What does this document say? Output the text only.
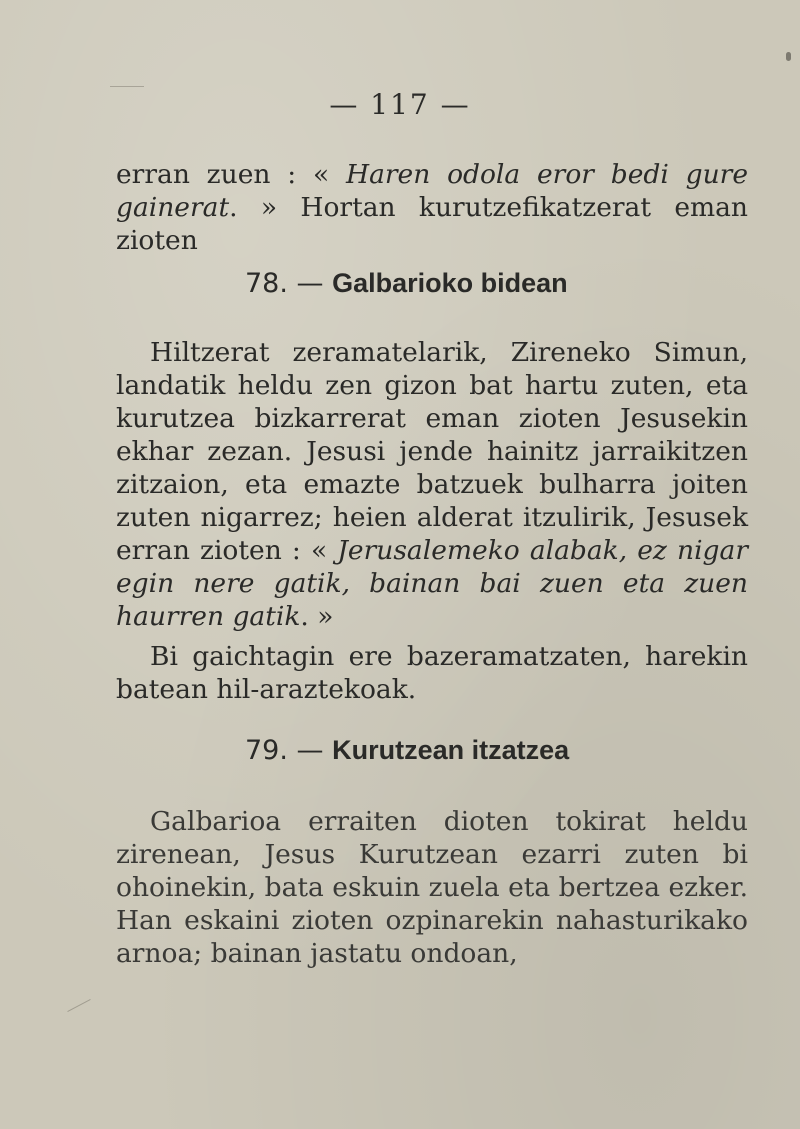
— 117 —

erran zuen : « Haren odola eror bedi gure gainerat. » Hortan kurutzefikatzerat eman zioten

78. — Galbarioko bidean

Hiltzerat zeramatelarik, Zireneko Simun, landatik heldu zen gizon bat hartu zuten, eta kurutzea bizkarrerat eman zioten Jesusekin ekhar zezan. Jesusi jende hainitz jarraikitzen zitzaion, eta emazte batzuek bulharra joiten zuten nigarrez; heien alderat itzulirik, Jesusek erran zioten : « Jerusalemeko alabak, ez nigar egin nere gatik, bainan bai zuen eta zuen haurren gatik. »

Bi gaichtagin ere bazeramatzaten, harekin batean hil-araztekoak.

79. — Kurutzean itzatzea

Galbarioa erraiten dioten tokirat heldu zirenean, Jesus Kurutzean ezarri zuten bi ohoinekin, bata eskuin zuela eta bertzea ezker. Han eskaini zioten ozpinarekin nahasturikako arnoa; bainan jastatu ondoan,
